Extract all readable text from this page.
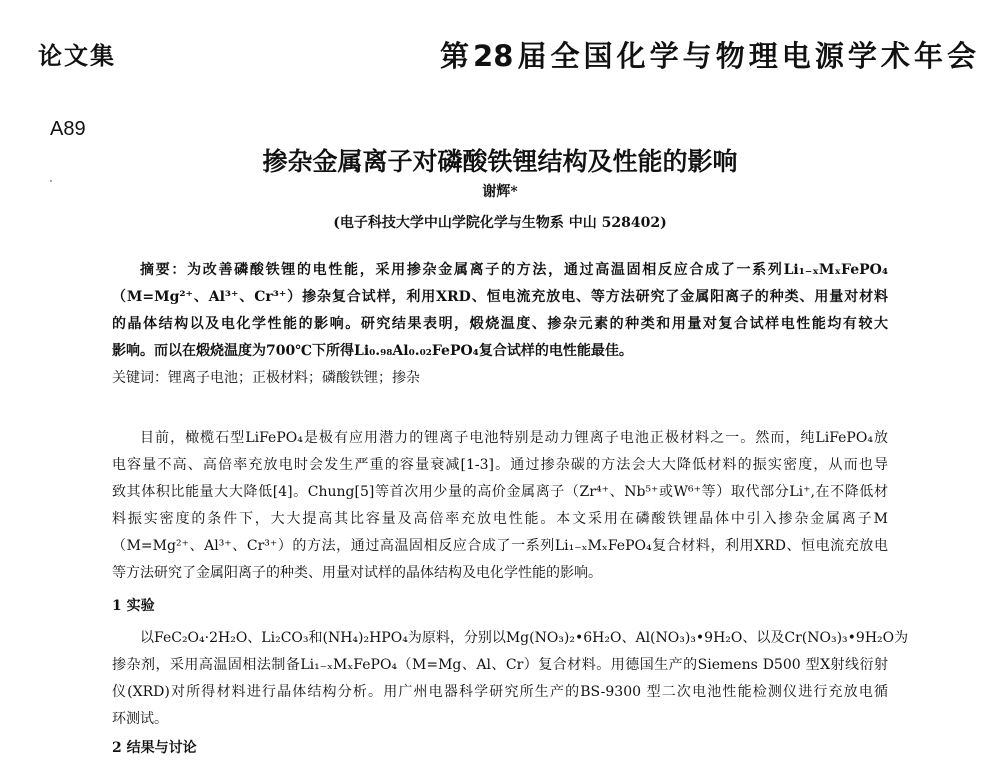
论文集	第28届全国化学与物理电源学术年会
A89
掺杂金属离子对磷酸铁锂结构及性能的影响
谢辉*
(电子科技大学中山学院化学与生物系 中山 528402)
摘要：为改善磷酸铁锂的电性能，采用掺杂金属离子的方法，通过高温固相反应合成了一系列Li₁₋ₓMₓFePO₄
（M=Mg²⁺、Al³⁺、Cr³⁺）掺杂复合试样，利用XRD、恒电流充放电、等方法研究了金属阳离子的种类、用量对材料
的晶体结构以及电化学性能的影响。研究结果表明，煅烧温度、掺杂元素的种类和用量对复合试样电性能均有较大
影响。而以在煅烧温度为700℃下所得Li₀.₉₈Al₀.₀₂FePO₄复合试样的电性能最佳。
关键词：锂离子电池；正极材料；磷酸铁锂；掺杂
目前，橄榄石型LiFePO₄是极有应用潜力的锂离子电池特别是动力锂离子电池正极材料之一。然而，纯LiFePO₄放
电容量不高、高倍率充放电时会发生严重的容量衰减[1-3]。通过掺杂碳的方法会大大降低材料的振实密度，从而也导
致其体积比能量大大降低[4]。Chung[5]等首次用少量的高价金属离子（Zr⁴⁺、Nb⁵⁺或W⁶⁺等）取代部分Li⁺,在不降低材
料振实密度的条件下，大大提高其比容量及高倍率充放电性能。本文采用在磷酸铁锂晶体中引入掺杂金属离子M
（M=Mg²⁺、Al³⁺、Cr³⁺）的方法，通过高温固相反应合成了一系列Li₁₋ₓMₓFePO₄复合材料，利用XRD、恒电流充放电
等方法研究了金属阳离子的种类、用量对试样的晶体结构及电化学性能的影响。
1 实验
以FeC₂O₄·2H₂O、Li₂CO₃和(NH₄)₂HPO₄为原料，分别以Mg(NO₃)₂•6H₂O、Al(NO₃)₃•9H₂O、以及Cr(NO₃)₃•9H₂O为
掺杂剂，采用高温固相法制备Li₁₋ₓMₓFePO₄（M=Mg、Al、Cr）复合材料。用德国生产的Siemens D500 型X射线衍射
仪(XRD)对所得材料进行晶体结构分析。用广州电器科学研究所生产的BS-9300 型二次电池性能检测仪进行充放电循
环测试。
2 结果与讨论
